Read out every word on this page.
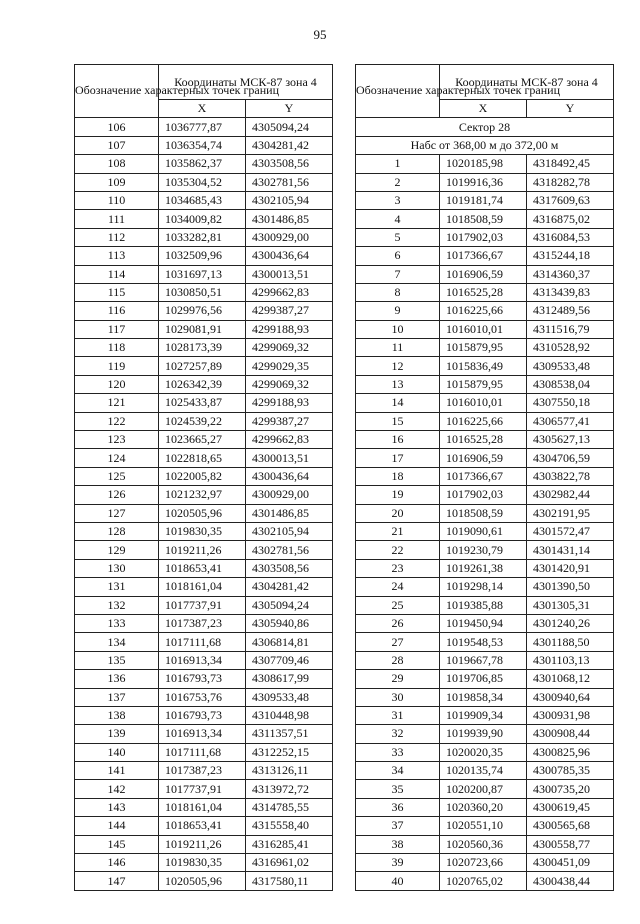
95
Обозначение характерных точек границ	Координаты МСК-87 зона 4	
	X	Y
106	1036777,87	4305094,24
107	1036354,74	4304281,42
108	1035862,37	4303508,56
109	1035304,52	4302781,56
110	1034685,43	4302105,94
111	1034009,82	4301486,85
112	1033282,81	4300929,00
113	1032509,96	4300436,64
114	1031697,13	4300013,51
115	1030850,51	4299662,83
116	1029976,56	4299387,27
117	1029081,91	4299188,93
118	1028173,39	4299069,32
119	1027257,89	4299029,35
120	1026342,39	4299069,32
121	1025433,87	4299188,93
122	1024539,22	4299387,27
123	1023665,27	4299662,83
124	1022818,65	4300013,51
125	1022005,82	4300436,64
126	1021232,97	4300929,00
127	1020505,96	4301486,85
128	1019830,35	4302105,94
129	1019211,26	4302781,56
130	1018653,41	4303508,56
131	1018161,04	4304281,42
132	1017737,91	4305094,24
133	1017387,23	4305940,86
134	1017111,68	4306814,81
135	1016913,34	4307709,46
136	1016793,73	4308617,99
137	1016753,76	4309533,48
138	1016793,73	4310448,98
139	1016913,34	4311357,51
140	1017111,68	4312252,15
141	1017387,23	4313126,11
142	1017737,91	4313972,72
143	1018161,04	4314785,55
144	1018653,41	4315558,40
145	1019211,26	4316285,41
146	1019830,35	4316961,02
147	1020505,96	4317580,11
Обозначение характерных точек границ	Координаты МСК-87 зона 4	
	X	Y
Сектор 28		
Набс от 368,00 м до 372,00 м		
1	1020185,98	4318492,45
2	1019916,36	4318282,78
3	1019181,74	4317609,63
4	1018508,59	4316875,02
5	1017902,03	4316084,53
6	1017366,67	4315244,18
7	1016906,59	4314360,37
8	1016525,28	4313439,83
9	1016225,66	4312489,56
10	1016010,01	4311516,79
11	1015879,95	4310528,92
12	1015836,49	4309533,48
13	1015879,95	4308538,04
14	1016010,01	4307550,18
15	1016225,66	4306577,41
16	1016525,28	4305627,13
17	1016906,59	4304706,59
18	1017366,67	4303822,78
19	1017902,03	4302982,44
20	1018508,59	4302191,95
21	1019090,61	4301572,47
22	1019230,79	4301431,14
23	1019261,38	4301420,91
24	1019298,14	4301390,50
25	1019385,88	4301305,31
26	1019450,94	4301240,26
27	1019548,53	4301188,50
28	1019667,78	4301103,13
29	1019706,85	4301068,12
30	1019858,34	4300940,64
31	1019909,34	4300931,98
32	1019939,90	4300908,44
33	1020020,35	4300825,96
34	1020135,74	4300785,35
35	1020200,87	4300735,20
36	1020360,20	4300619,45
37	1020551,10	4300565,68
38	1020560,36	4300558,77
39	1020723,66	4300451,09
40	1020765,02	4300438,44
